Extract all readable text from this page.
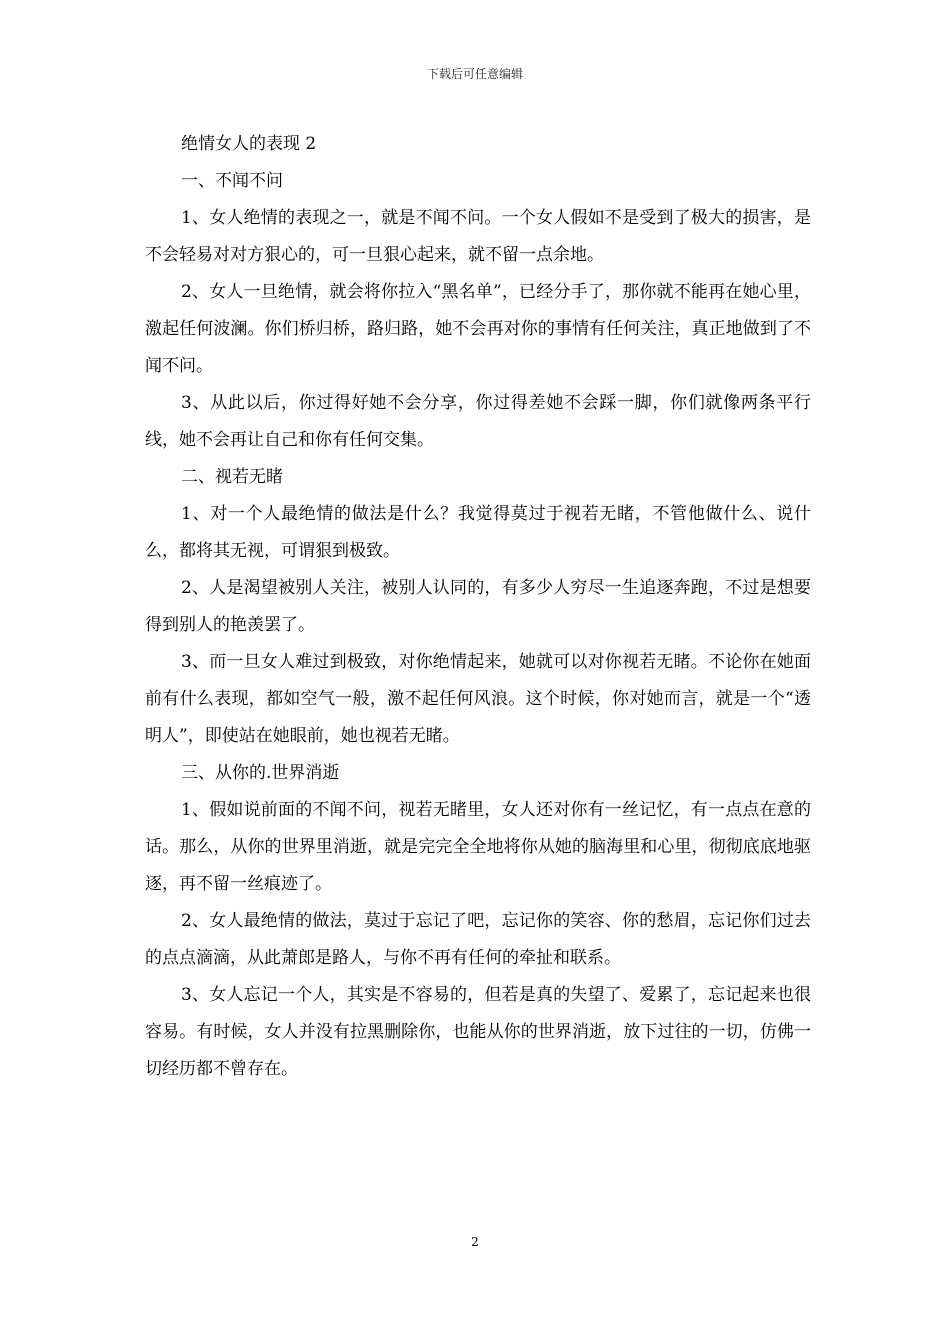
下载后可任意编辑

绝情女人的表现 2

一、不闻不问

1、女人绝情的表现之一，就是不闻不问。一个女人假如不是受到了极大的损害，是不会轻易对对方狠心的，可一旦狠心起来，就不留一点余地。

2、女人一旦绝情，就会将你拉入“黑名单”，已经分手了，那你就不能再在她心里，激起任何波澜。你们桥归桥，路归路，她不会再对你的事情有任何关注，真正地做到了不闻不问。

3、从此以后，你过得好她不会分享，你过得差她不会踩一脚，你们就像两条平行线，她不会再让自己和你有任何交集。

二、视若无睹

1、对一个人最绝情的做法是什么？我觉得莫过于视若无睹，不管他做什么、说什么，都将其无视，可谓狠到极致。

2、人是渴望被别人关注，被别人认同的，有多少人穷尽一生追逐奔跑，不过是想要得到别人的艳羡罢了。

3、而一旦女人难过到极致，对你绝情起来，她就可以对你视若无睹。不论你在她面前有什么表现，都如空气一般，激不起任何风浪。这个时候，你对她而言，就是一个“透明人”，即使站在她眼前，她也视若无睹。

三、从你的.世界消逝

1、假如说前面的不闻不问，视若无睹里，女人还对你有一丝记忆，有一点点在意的话。那么，从你的世界里消逝，就是完完全全地将你从她的脑海里和心里，彻彻底底地驱逐，再不留一丝痕迹了。

2、女人最绝情的做法，莫过于忘记了吧，忘记你的笑容、你的愁眉，忘记你们过去的点点滴滴，从此萧郎是路人，与你不再有任何的牵扯和联系。

3、女人忘记一个人，其实是不容易的，但若是真的失望了、爱累了，忘记起来也很容易。有时候，女人并没有拉黑删除你，也能从你的世界消逝，放下过往的一切，仿佛一切经历都不曾存在。

2
